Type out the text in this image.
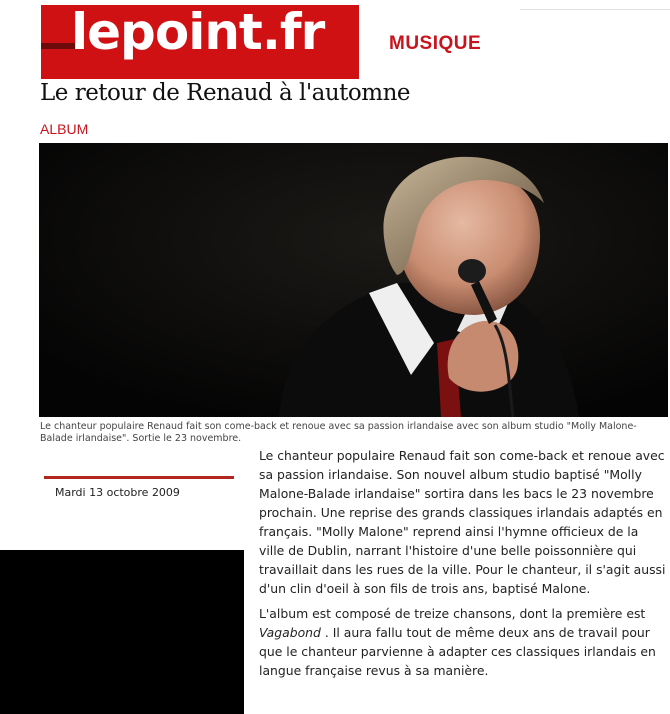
lepoint.fr	MUSIQUE
Le retour de Renaud à l'automne
ALBUM
Le chanteur populaire Renaud fait son come-back et renoue avec sa passion irlandaise avec son album studio "Molly Malone-Balade irlandaise". Sortie le 23 novembre.
Mardi 13 octobre 2009

Le chanteur populaire Renaud fait son come-back et renoue avec sa passion irlandaise. Son nouvel album studio baptisé "Molly Malone-Balade irlandaise" sortira dans les bacs le 23 novembre prochain. Une reprise des grands classiques irlandais adaptés en français. "Molly Malone" reprend ainsi l'hymne officieux de la ville de Dublin, narrant l'histoire d'une belle poissonnière qui travaillait dans les rues de la ville. Pour le chanteur, il s'agit aussi d'un clin d'oeil à son fils de trois ans, baptisé Malone.

L'album est composé de treize chansons, dont la première est Vagabond . Il aura fallu tout de même deux ans de travail pour que le chanteur parvienne à adapter ces classiques irlandais en langue française revus à sa manière.
